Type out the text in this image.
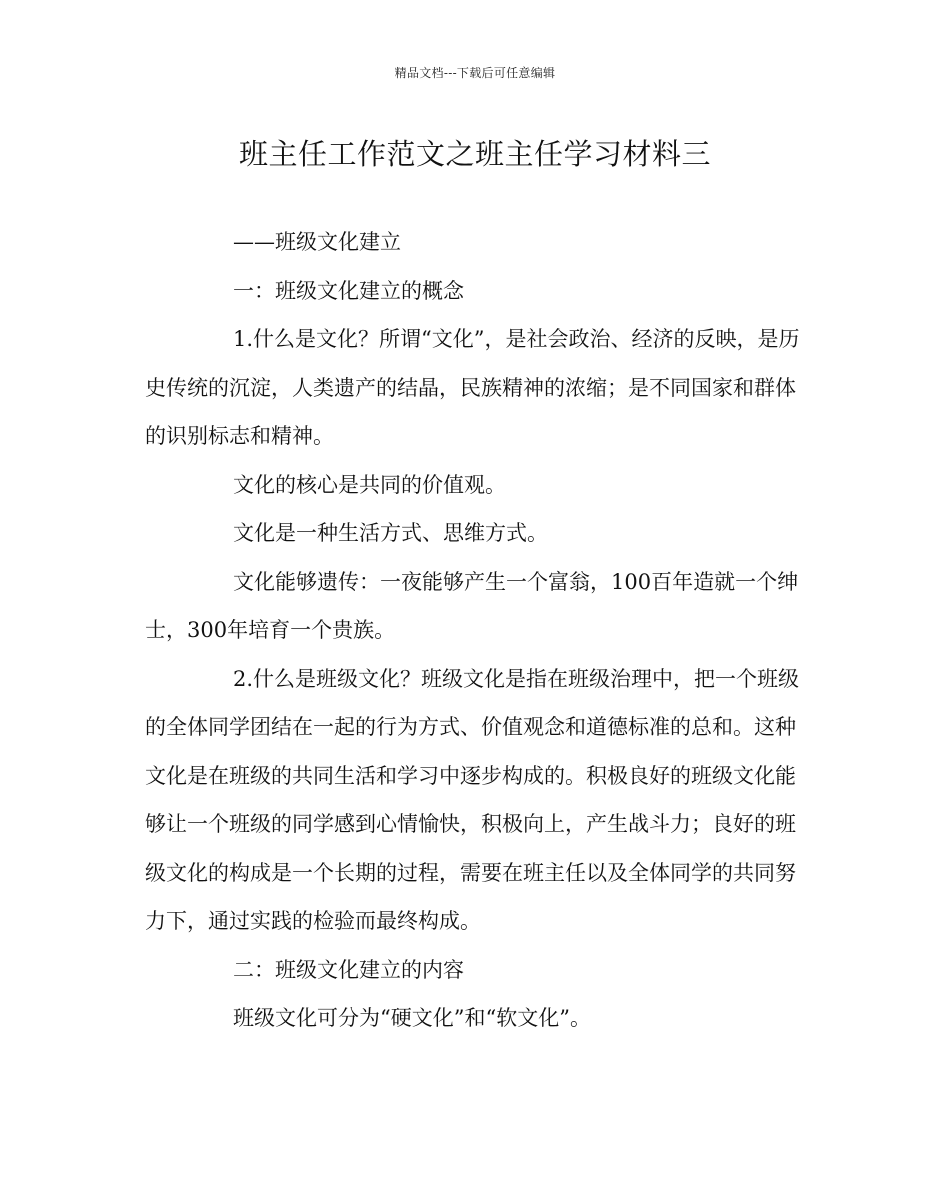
精品文档---下载后可任意编辑
班主任工作范文之班主任学习材料三

——班级文化建立

一：班级文化建立的概念

1.什么是文化？所谓“文化”，是社会政治、经济的反映，是历史传统的沉淀，人类遗产的结晶，民族精神的浓缩；是不同国家和群体的识别标志和精神。

文化的核心是共同的价值观。

文化是一种生活方式、思维方式。

文化能够遗传：一夜能够产生一个富翁，100百年造就一个绅士，300年培育一个贵族。

2.什么是班级文化？班级文化是指在班级治理中，把一个班级的全体同学团结在一起的行为方式、价值观念和道德标准的总和。这种文化是在班级的共同生活和学习中逐步构成的。积极良好的班级文化能够让一个班级的同学感到心情愉快，积极向上，产生战斗力；良好的班级文化的构成是一个长期的过程，需要在班主任以及全体同学的共同努力下，通过实践的检验而最终构成。

二：班级文化建立的内容

班级文化可分为“硬文化”和“软文化”。
